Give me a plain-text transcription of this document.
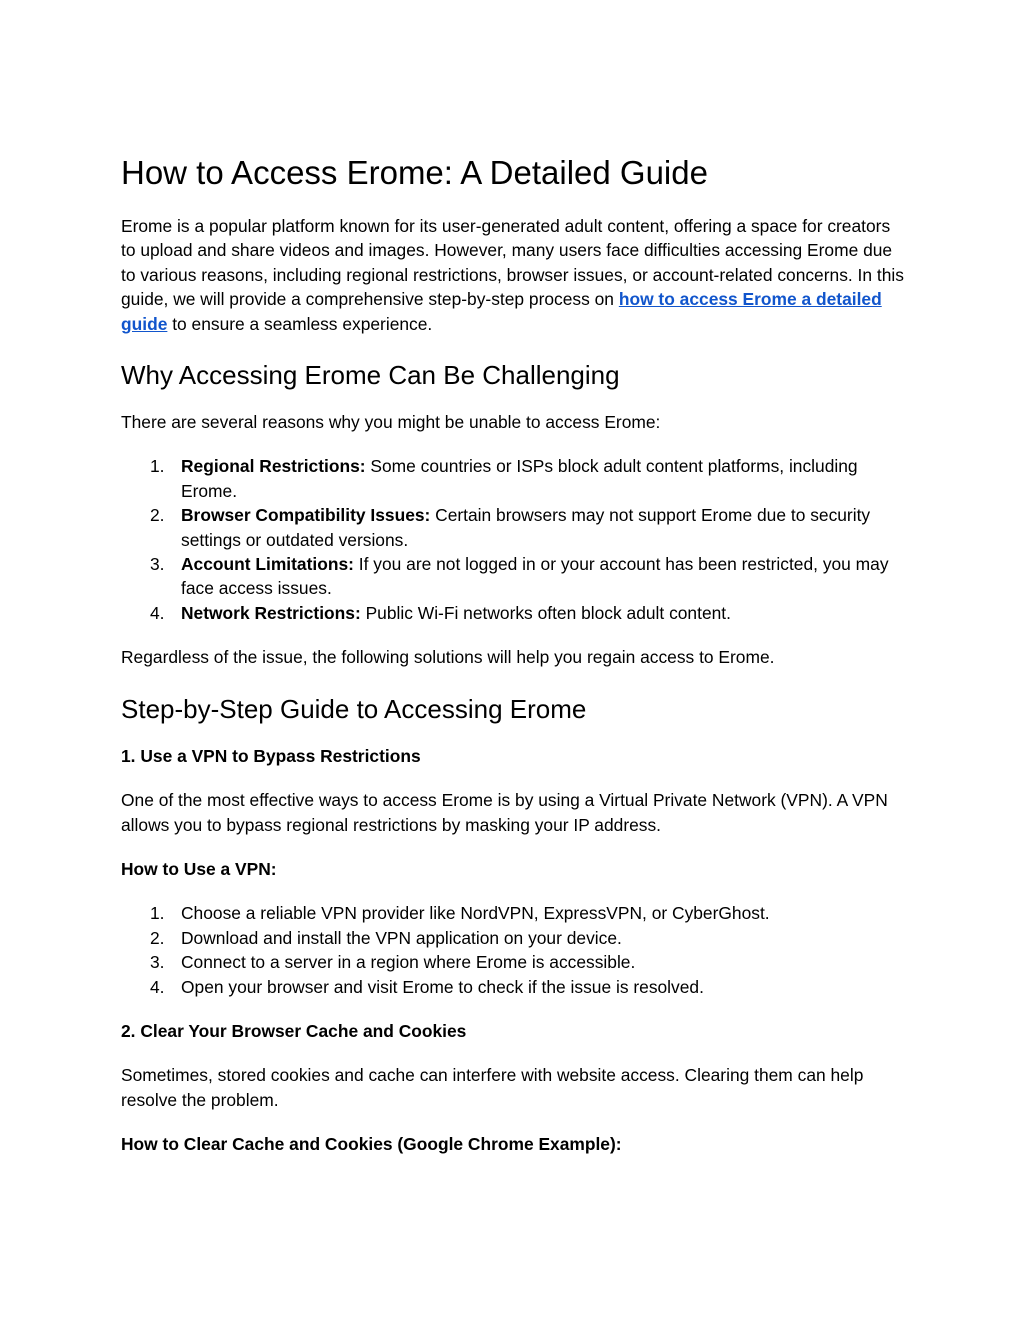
How to Access Erome: A Detailed Guide

Erome is a popular platform known for its user-generated adult content, offering a space for creators to upload and share videos and images. However, many users face difficulties accessing Erome due to various reasons, including regional restrictions, browser issues, or account-related concerns. In this guide, we will provide a comprehensive step-by-step process on how to access Erome a detailed guide to ensure a seamless experience.

Why Accessing Erome Can Be Challenging

There are several reasons why you might be unable to access Erome:

1. Regional Restrictions: Some countries or ISPs block adult content platforms, including Erome.
2. Browser Compatibility Issues: Certain browsers may not support Erome due to security settings or outdated versions.
3. Account Limitations: If you are not logged in or your account has been restricted, you may face access issues.
4. Network Restrictions: Public Wi-Fi networks often block adult content.

Regardless of the issue, the following solutions will help you regain access to Erome.

Step-by-Step Guide to Accessing Erome
1. Use a VPN to Bypass Restrictions

One of the most effective ways to access Erome is by using a Virtual Private Network (VPN). A VPN allows you to bypass regional restrictions by masking your IP address.

How to Use a VPN:
1. Choose a reliable VPN provider like NordVPN, ExpressVPN, or CyberGhost.
2. Download and install the VPN application on your device.
3. Connect to a server in a region where Erome is accessible.
4. Open your browser and visit Erome to check if the issue is resolved.
2. Clear Your Browser Cache and Cookies

Sometimes, stored cookies and cache can interfere with website access. Clearing them can help resolve the problem.

How to Clear Cache and Cookies (Google Chrome Example):
